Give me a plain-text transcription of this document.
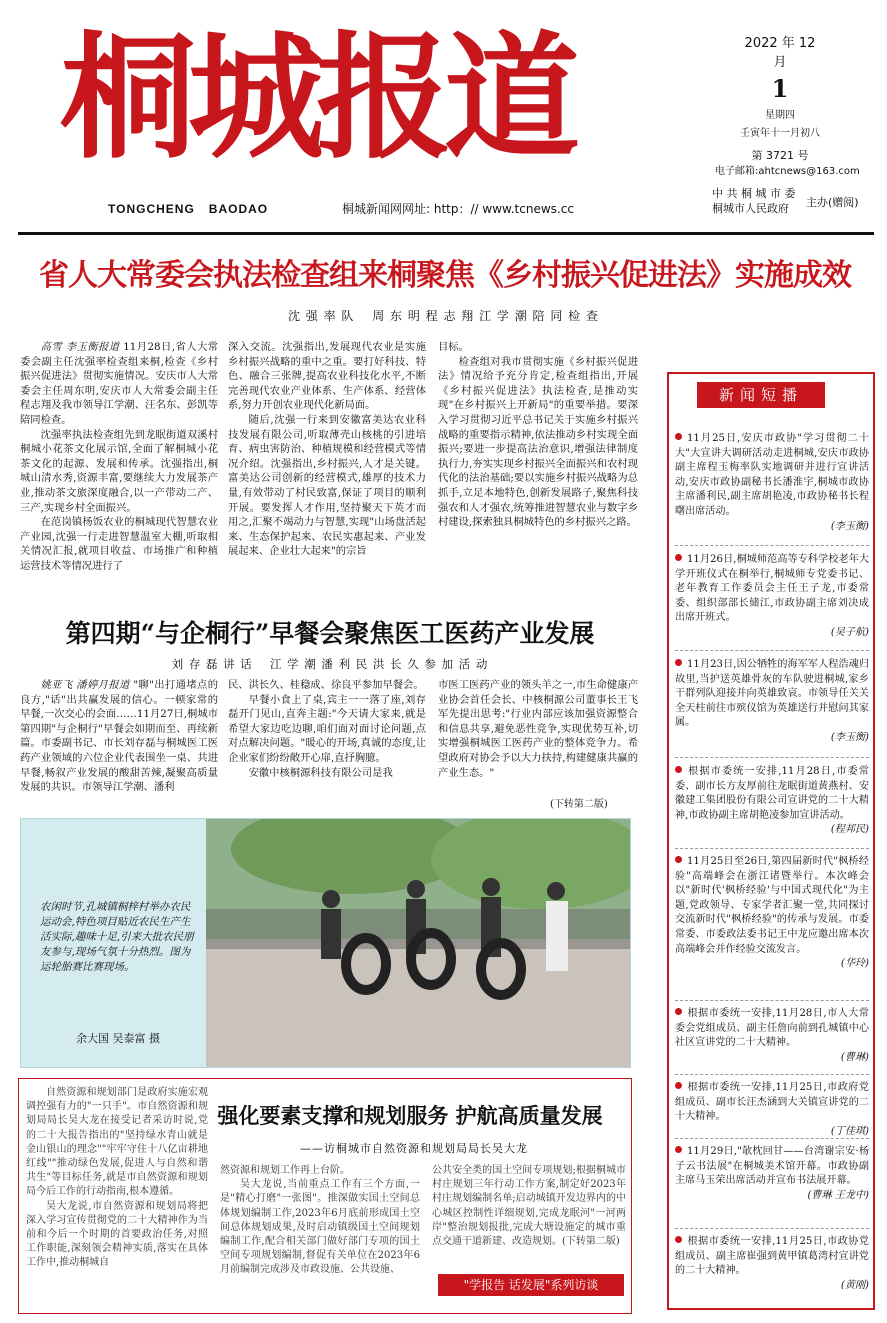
桐城报道
TONGCHENG BAODAO	桐城新闻网网址: http：// www.tcnews.cc
2022 年 12 月
1
星期四
壬寅年十一月初八
第 3721 号
电子邮箱:ahtcnews@163.com
中 共 桐 城 市 委
桐城市人民政府	主办(赠阅)
省人大常委会执法检查组来桐聚焦《乡村振兴促进法》实施成效
沈 强 率 队　 周 东 明 程 志 翔 江 学 潮 陪 同 检 查

高雪 李玉衡报道 11月28日,省人大常委会副主任沈强率检查组来桐,检查《乡村振兴促进法》贯彻实施情况。安庆市人大常委会主任周东明,安庆市人大常委会副主任程志翔及我市领导江学潮、汪名东、彭凯等陪同检查。

沈强率执法检查组先到龙眠街道双溪村桐城小花茶文化展示馆,全面了解桐城小花茶文化的起源、发展和传承。沈强指出,桐城山清水秀,资源丰富,要继续大力发展茶产业,推动茶文旅深度融合,以一产带动二产、三产,实现乡村全面振兴。

在范岗镇杨饭农业的桐城现代智慧农业产业园,沈强一行走进智慧温室大棚,听取相关情况汇报,就项目收益、市场推广和种植运营技术等情况进行了

深入交流。沈强指出,发展现代农业是实施乡村振兴战略的重中之重。要打好科技、特色、融合三张牌,提高农业科技化水平,不断完善现代农业产业体系、生产体系、经营体系,努力开创农业现代化新局面。

随后,沈强一行来到安徽富美达农业科技发展有限公司,听取薄壳山核桃的引进培育、病虫害防治、种植规模和经营模式等情况介绍。沈强指出,乡村振兴,人才是关键。富美达公司创新的经营模式,雄厚的技术力量,有效带动了村民致富,保证了项目的顺利开展。要发挥人才作用,坚持聚天下英才而用之,汇聚不竭动力与智慧,实现"山场盘活起来、生态保护起来、农民实惠起来、产业发展起来、企业壮大起来"的宗旨

目标。

检查组对我市贯彻实施《乡村振兴促进法》情况给予充分肯定,检查组指出,开展《乡村振兴促进法》执法检查,是推动实现"在乡村振兴上开新局"的重要举措。要深入学习贯彻习近平总书记关于实施乡村振兴战略的重要指示精神,依法推动乡村实现全面振兴;要进一步提高法治意识,增强法律制度执行力,夯实实现乡村振兴全面振兴和农村现代化的法治基础;要以实施乡村振兴战略为总抓手,立足本地特色,创新发展路子,聚焦科技强农和人才强农,统筹推进智慧农业与数字乡村建设,探索独具桐城特色的乡村振兴之路。

第四期“与企桐行”早餐会聚焦医工医药产业发展
刘 存 磊 讲 话　 江 学 潮 潘 利 民 洪 长 久 参 加 活 动

姚亚飞 潘婷月报道 "聊"出打通堵点的良方,"话"出共赢发展的信心。一顿家常的早餐,一次交心的会面……11月27日,桐城市第四期"与企桐行"早餐会如期而至、再续新篇。市委副书记、市长刘存磊与桐城医工医药产业领域的六位企业代表围坐一桌、共进早餐,畅叙产业发展的酸甜苦辣,凝聚高质量发展的共识。市领导江学潮、潘利

民、洪长久、桂稳成、徐良平参加早餐会。

早餐小食上了桌,宾主一一落了座,刘存磊开门见山,直奔主题:"今天请大家来,就是希望大家边吃边聊,咱们面对面讨论问题,点对点解决问题。"暖心的开场,真诚的态度,让企业家们纷纷敞开心扉,直抒胸臆。

安徽中核桐源科技有限公司是我

市医工医药产业的领头羊之一,市生命健康产业协会首任会长、中核桐源公司董事长王飞军先提出思考:"行业内部应该加强资源整合和信息共享,避免恶性竞争,实现优势互补,切实增强桐城医工医药产业的整体竞争力。希望政府对协会予以大力扶持,构建健康共赢的产业生态。"

(下转第二版)
农闲时节,孔城镇桐梓村举办农民运动会,特色项目贴近农民生产生活实际,趣味十足,引来大批农民朋友参与,现场气氛十分热烈。图为运轮胎赛比赛现场。
余大国 吴泰富 摄

自然资源和规划部门是政府实施宏观调控强有力的"一只手"。市自然资源和规划局局长吴大龙在接受记者采访时说,党的二十大报告指出的"坚持绿水青山就是金山银山的理念""牢牢守住十八亿亩耕地红线""推动绿色发展,促进人与自然和谐共生"等目标任务,就是市自然资源和规划局今后工作的行动指南,根本遵循。

吴大龙说,市自然资源和规划局将把深入学习宣传贯彻党的二十大精神作为当前和今后一个时期的首要政治任务,对照工作职能,深刻领会精神实质,落实在具体工作中,推动桐城自

强化要素支撑和规划服务 护航高质量发展
——访桐城市自然资源和规划局局长吴大龙

然资源和规划工作再上台阶。

吴大龙说,当前重点工作有三个方面,一是"精心打磨"一张图"。推深做实国土空间总体规划编制工作,2023年6月底前形成国土空间总体规划成果,及时启动镇级国土空间规划编制工作,配合相关部门做好部门专项的国土空间专项规划编制,督促有关单位在2023年6月前编制完成涉及市政设施、公共设施、

公共安全类的国土空间专项规划;根据桐城市村庄规划三年行动工作方案,制定好2023年村庄规划编制名单;启动城镇开发边界内的中心城区控制性详细规划,完成龙眠河"一河两岸"整治规划报批,完成大塘设施定的城市重点交通干道新建、改造规划。(下转第二版)

"学报告 话发展"系列访谈
新闻短播
11月25日,安庆市政协"学习贯彻二十大"大宣讲大调研活动走进桐城,安庆市政协副主席程玉梅率队实地调研并进行宣讲活动,安庆市政协副秘书长潘淮宇,桐城市政协主席潘利民,副主席胡艳凌,市政协秘书长程曙出席活动。
(李玉衡)
11月26日,桐城师范高等专科学校老年大学开班仪式在桐举行,桐城师专党委书记、老年教育工作委员会主任王子龙,市委常委、组织部部长储江,市政协副主席刘决成出席开班式。
(吴子航)
11月23日,因公牺牲的海军军人程浩魂归故里,当护送英雄骨灰的车队驶进桐城,家乡干群列队迎接并向英雄致哀。市领导任关关全天柱前往市殡仪馆为英雄送行并慰问其家属。
(李玉衡)
根据市委统一安排,11月28日,市委常委、副市长方友厚前往龙眠街道黄燕村、安徽建工集团股份有限公司宣讲党的二十大精神,市政协副主席胡艳凌参加宣讲活动。
(程邦民)
11月25日至26日,第四届新时代"枫桥经验"高端峰会在浙江诸暨举行。本次峰会以"新时代'枫桥经验'与中国式现代化"为主题,党政领导、专家学者汇聚一堂,共同探讨交流新时代"枫桥经验"的传承与发展。市委常委、市委政法委书记王中龙应邀出席本次高端峰会并作经验交流发言。
(华玲)
根据市委统一安排,11月28日,市人大常委会党组成员、副主任詹向前到孔城镇中心社区宣讲党的二十大精神。
(曹琳)
根据市委统一安排,11月25日,市政府党组成员、副市长汪杰涵到大关镇宣讲党的二十大精神。
(丁佳琪)
11月29日,"欹枕回甘——台湾谢宗安·杨子云书法展"在桐城美术馆开幕。市政协副主席马玉荣出席活动并宣布书法展开幕。
(曹琳 王龙中)
根据市委统一安排,11月25日,市政协党组成员、副主席崔强到黄甲镇葛湾村宣讲党的二十大精神。
(黄刚)
